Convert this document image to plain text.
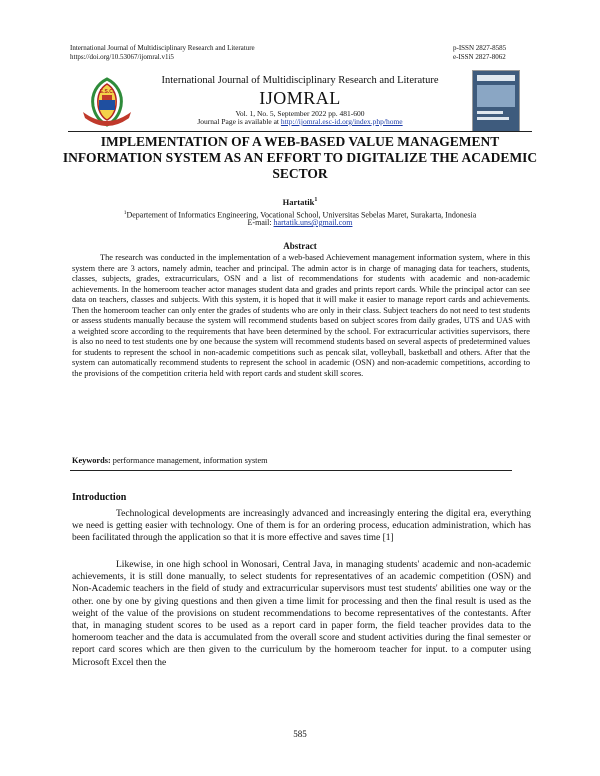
International Journal of Multidisciplinary Research and Literature
https://doi.org/10.53067/ijomral.v1i5
p-ISSN 2827-8585
e-ISSN 2827-8062
E.S.C.
International Journal of Multidisciplinary Research and Literature
IJOMRAL
Vol. 1, No. 5, September 2022 pp. 481-600
Journal Page is available at http://ijomral.esc-id.org/index.php/home
IMPLEMENTATION OF A WEB-BASED VALUE MANAGEMENT INFORMATION SYSTEM AS AN EFFORT TO DIGITALIZE THE ACADEMIC SECTOR
Hartatik$^1$
$^1$Departement of Informatics Engineering, Vocational School, Universitas Sebelas Maret, Surakarta, Indonesia
E-mail: hartatik.uns@gmail.com
Abstract
The research was conducted in the implementation of a web-based Achievement management information system, where in this system there are 3 actors, namely admin, teacher and principal. The admin actor is in charge of managing data for teachers, students, classes, subjects, grades, extracurriculars, OSN and a list of recommendations for students with academic and non-academic achievements. In the homeroom teacher actor manages student data and grades and prints report cards. While the principal actor can see data on teachers, classes and subjects. With this system, it is hoped that it will make it easier to manage report cards and achievements. Then the homeroom teacher can only enter the grades of students who are only in their class. Subject teachers do not need to test students or assess students manually because the system will recommend students based on subject scores from daily grades, UTS and UAS with a weighted score according to the requirements that have been determined by the school. For extracurricular activities supervisors, there is also no need to test students one by one because the system will recommend students based on several aspects of predetermined values for students to represent the school in non-academic competitions such as pencak silat, volleyball, basketball and others. After that the system can automatically recommend students to represent the school in academic (OSN) and non-academic competitions, according to the provisions of the competition criteria held with report cards and student skill scores.
Keywords: performance management, information system
Introduction
Technological developments are increasingly advanced and increasingly entering the digital era, everything we need is getting easier with technology. One of them is for an ordering process, education administration, which has been facilitated through the application so that it is more effective and saves time [1]
Likewise, in one high school in Wonosari, Central Java, in managing students' academic and non-academic achievements, it is still done manually, to select students for representatives of an academic competition (OSN) and Non-Academic teachers in the field of study and extracurricular supervisors must test students' abilities one way or the other. one by one by giving questions and then given a time limit for processing and then the final result is used as the weight of the value of the provisions on student recommendations to become representatives of the contestants. After that, in managing student scores to be used as a report card in paper form, the field teacher provides data to the homeroom teacher and the data is accumulated from the overall score and student activities during the final semester or report card scores which are then given to the curriculum by the homeroom teacher for input. to a computer using Microsoft Excel then the
585
